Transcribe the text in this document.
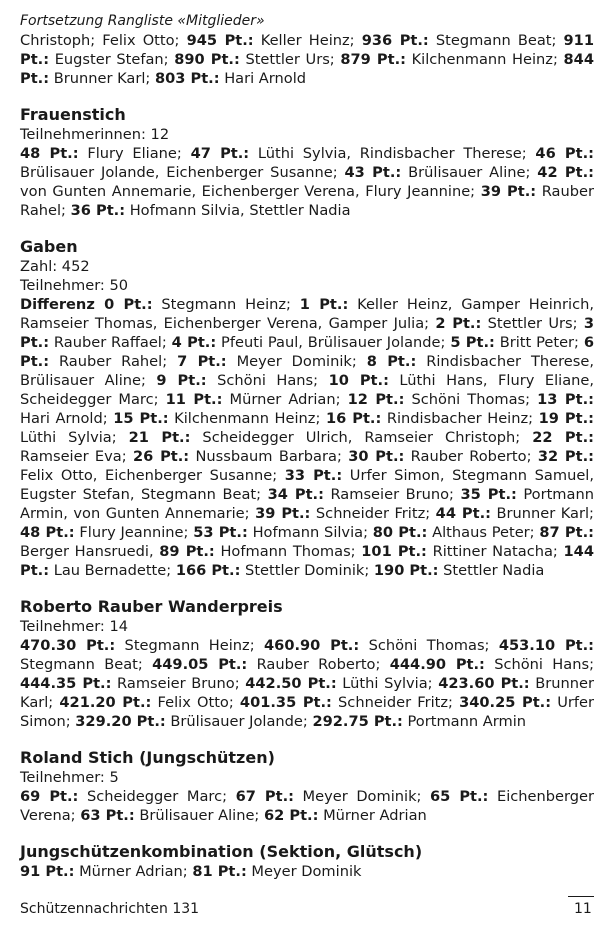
Fortsetzung Rangliste «Mitglieder»

Christoph; Felix Otto; 945 Pt.: Keller Heinz; 936 Pt.: Stegmann Beat; 911 Pt.: Eugster Stefan; 890 Pt.: Stettler Urs; 879 Pt.: Kilchenmann Heinz; 844 Pt.: Brunner Karl; 803 Pt.: Hari Arnold

Frauenstich

Teilnehmerinnen: 12

48 Pt.: Flury Eliane; 47 Pt.: Lüthi Sylvia, Rindisbacher Therese; 46 Pt.: Brülisauer Jolande, Eichenberger Susanne; 43 Pt.: Brülisauer Aline; 42 Pt.: von Gunten Annemarie, Eichenberger Verena, Flury Jeannine; 39 Pt.: Rauber Rahel; 36 Pt.: Hofmann Silvia, Stettler Nadia

Gaben

Zahl: 452

Teilnehmer: 50

Differenz 0 Pt.: Stegmann Heinz; 1 Pt.: Keller Heinz, Gamper Heinrich, Ramseier Thomas, Eichenberger Verena, Gamper Julia; 2 Pt.: Stettler Urs; 3 Pt.: Rauber Raffael; 4 Pt.: Pfeuti Paul, Brülisauer Jolande; 5 Pt.: Britt Peter; 6 Pt.: Rauber Rahel; 7 Pt.: Meyer Dominik; 8 Pt.: Rindisbacher Therese, Brülisauer Aline; 9 Pt.: Schöni Hans; 10 Pt.: Lüthi Hans, Flury Eliane, Scheidegger Marc; 11 Pt.: Mürner Adrian; 12 Pt.: Schöni Thomas; 13 Pt.: Hari Arnold; 15 Pt.: Kilchenmann Heinz; 16 Pt.: Rindisbacher Heinz; 19 Pt.: Lüthi Sylvia; 21 Pt.: Scheidegger Ulrich, Ramseier Christoph; 22 Pt.: Ramseier Eva; 26 Pt.: Nussbaum Barbara; 30 Pt.: Rauber Roberto; 32 Pt.: Felix Otto, Eichenberger Susanne; 33 Pt.: Urfer Simon, Stegmann Samuel, Eugster Stefan, Stegmann Beat; 34 Pt.: Ramseier Bruno; 35 Pt.: Portmann Armin, von Gunten Annemarie; 39 Pt.: Schneider Fritz; 44 Pt.: Brunner Karl; 48 Pt.: Flury Jeannine; 53 Pt.: Hofmann Silvia; 80 Pt.: Althaus Peter; 87 Pt.: Berger Hansruedi, 89 Pt.: Hofmann Thomas; 101 Pt.: Rittiner Natacha; 144 Pt.: Lau Bernadette; 166 Pt.: Stettler Dominik; 190 Pt.: Stettler Nadia

Roberto Rauber Wanderpreis

Teilnehmer: 14

470.30 Pt.: Stegmann Heinz; 460.90 Pt.: Schöni Thomas; 453.10 Pt.: Stegmann Beat; 449.05 Pt.: Rauber Roberto; 444.90 Pt.: Schöni Hans; 444.35 Pt.: Ramseier Bruno; 442.50 Pt.: Lüthi Sylvia; 423.60 Pt.: Brunner Karl; 421.20 Pt.: Felix Otto; 401.35 Pt.: Schneider Fritz; 340.25 Pt.: Urfer Simon; 329.20 Pt.: Brülisauer Jolande; 292.75 Pt.: Portmann Armin

Roland Stich (Jungschützen)

Teilnehmer: 5

69 Pt.: Scheidegger Marc; 67 Pt.: Meyer Dominik; 65 Pt.: Eichenberger Verena; 63 Pt.: Brülisauer Aline; 62 Pt.: Mürner Adrian

Jungschützenkombination (Sektion, Glütsch)

91 Pt.: Mürner Adrian; 81 Pt.: Meyer Dominik

Schützennachrichten 131	11
